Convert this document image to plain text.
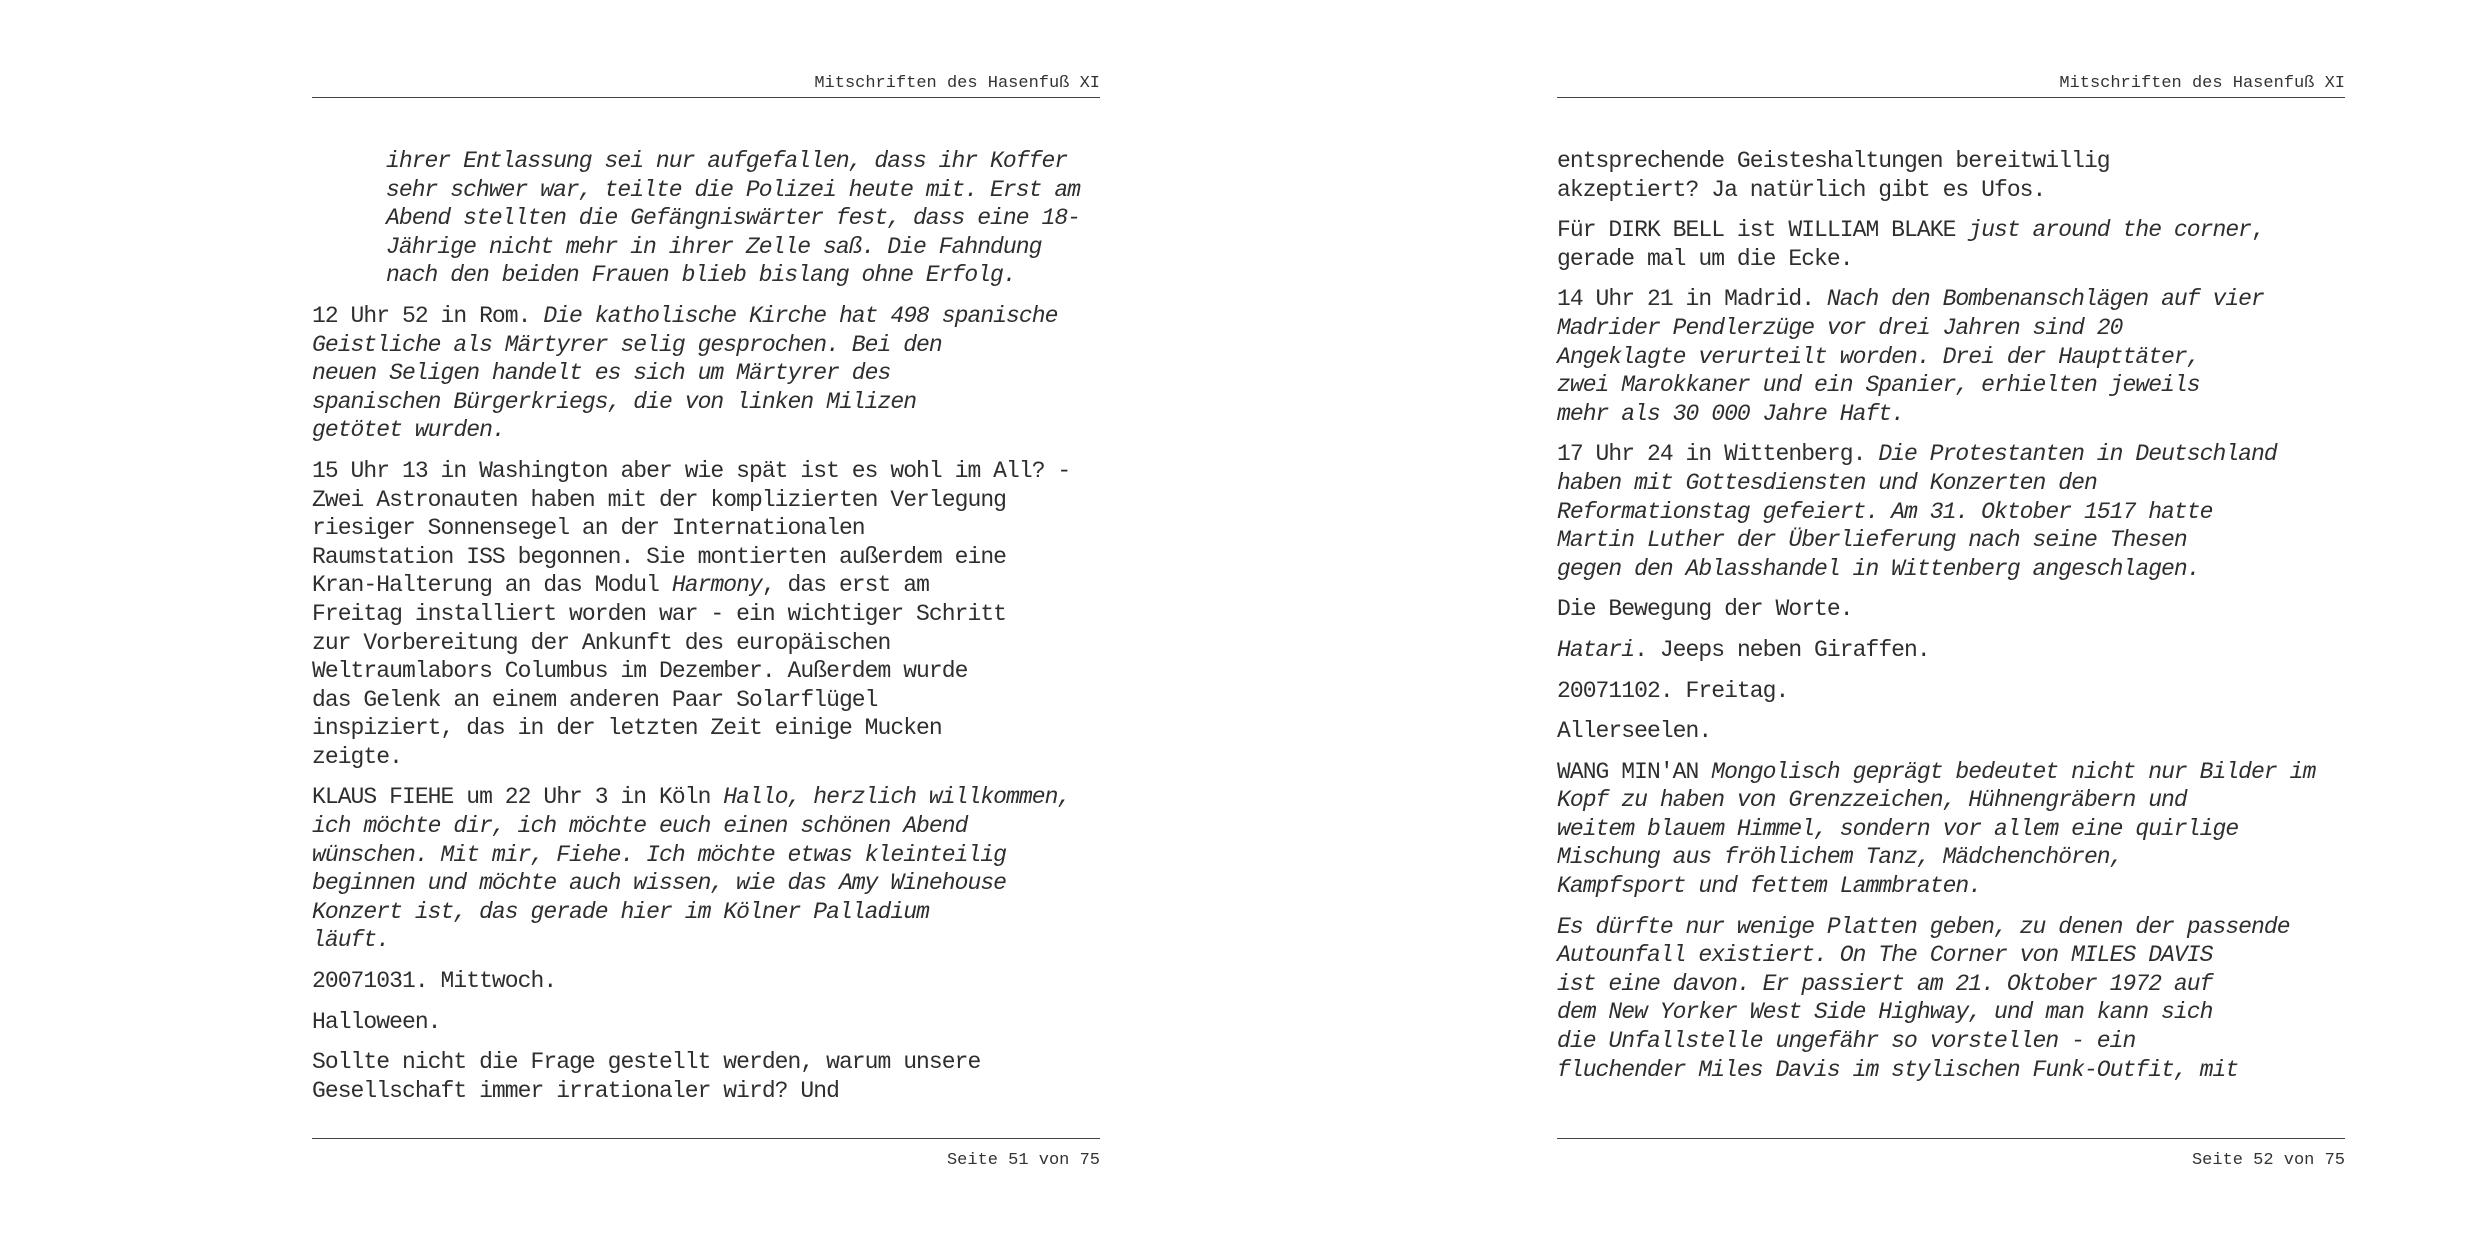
Mitschriften des Hasenfuß XI

ihrer Entlassung sei nur aufgefallen, dass ihr Koffer
sehr schwer war, teilte die Polizei heute mit. Erst am
Abend stellten die Gefängniswärter fest, dass eine 18-
Jährige nicht mehr in ihrer Zelle saß. Die Fahndung
nach den beiden Frauen blieb bislang ohne Erfolg.

12 Uhr 52 in Rom. Die katholische Kirche hat 498 spanische
Geistliche als Märtyrer selig gesprochen. Bei den
neuen Seligen handelt es sich um Märtyrer des
spanischen Bürgerkriegs, die von linken Milizen
getötet wurden.

15 Uhr 13 in Washington aber wie spät ist es wohl im All? -
Zwei Astronauten haben mit der komplizierten Verlegung
riesiger Sonnensegel an der Internationalen
Raumstation ISS begonnen. Sie montierten außerdem eine
Kran-Halterung an das Modul Harmony, das erst am
Freitag installiert worden war - ein wichtiger Schritt
zur Vorbereitung der Ankunft des europäischen
Weltraumlabors Columbus im Dezember. Außerdem wurde
das Gelenk an einem anderen Paar Solarflügel
inspiziert, das in der letzten Zeit einige Mucken
zeigte.

KLAUS FIEHE um 22 Uhr 3 in Köln Hallo, herzlich willkommen,
ich möchte dir, ich möchte euch einen schönen Abend
wünschen. Mit mir, Fiehe. Ich möchte etwas kleinteilig
beginnen und möchte auch wissen, wie das Amy Winehouse
Konzert ist, das gerade hier im Kölner Palladium
läuft.

20071031. Mittwoch.

Halloween.

Sollte nicht die Frage gestellt werden, warum unsere
Gesellschaft immer irrationaler wird? Und

Seite 51 von 75
Mitschriften des Hasenfuß XI

entsprechende Geisteshaltungen bereitwillig
akzeptiert? Ja natürlich gibt es Ufos.

Für DIRK BELL ist WILLIAM BLAKE just around the corner,
gerade mal um die Ecke.

14 Uhr 21 in Madrid. Nach den Bombenanschlägen auf vier
Madrider Pendlerzüge vor drei Jahren sind 20
Angeklagte verurteilt worden. Drei der Haupttäter,
zwei Marokkaner und ein Spanier, erhielten jeweils
mehr als 30 000 Jahre Haft.

17 Uhr 24 in Wittenberg. Die Protestanten in Deutschland
haben mit Gottesdiensten und Konzerten den
Reformationstag gefeiert. Am 31. Oktober 1517 hatte
Martin Luther der Überlieferung nach seine Thesen
gegen den Ablasshandel in Wittenberg angeschlagen.

Die Bewegung der Worte.

Hatari. Jeeps neben Giraffen.

20071102. Freitag.

Allerseelen.

WANG MIN'AN Mongolisch geprägt bedeutet nicht nur Bilder im
Kopf zu haben von Grenzzeichen, Hühnengräbern und
weitem blauem Himmel, sondern vor allem eine quirlige
Mischung aus fröhlichem Tanz, Mädchenchören,
Kampfsport und fettem Lammbraten.

Es dürfte nur wenige Platten geben, zu denen der passende
Autounfall existiert. On The Corner von MILES DAVIS
ist eine davon. Er passiert am 21. Oktober 1972 auf
dem New Yorker West Side Highway, und man kann sich
die Unfallstelle ungefähr so vorstellen - ein
fluchender Miles Davis im stylischen Funk-Outfit, mit

Seite 52 von 75
